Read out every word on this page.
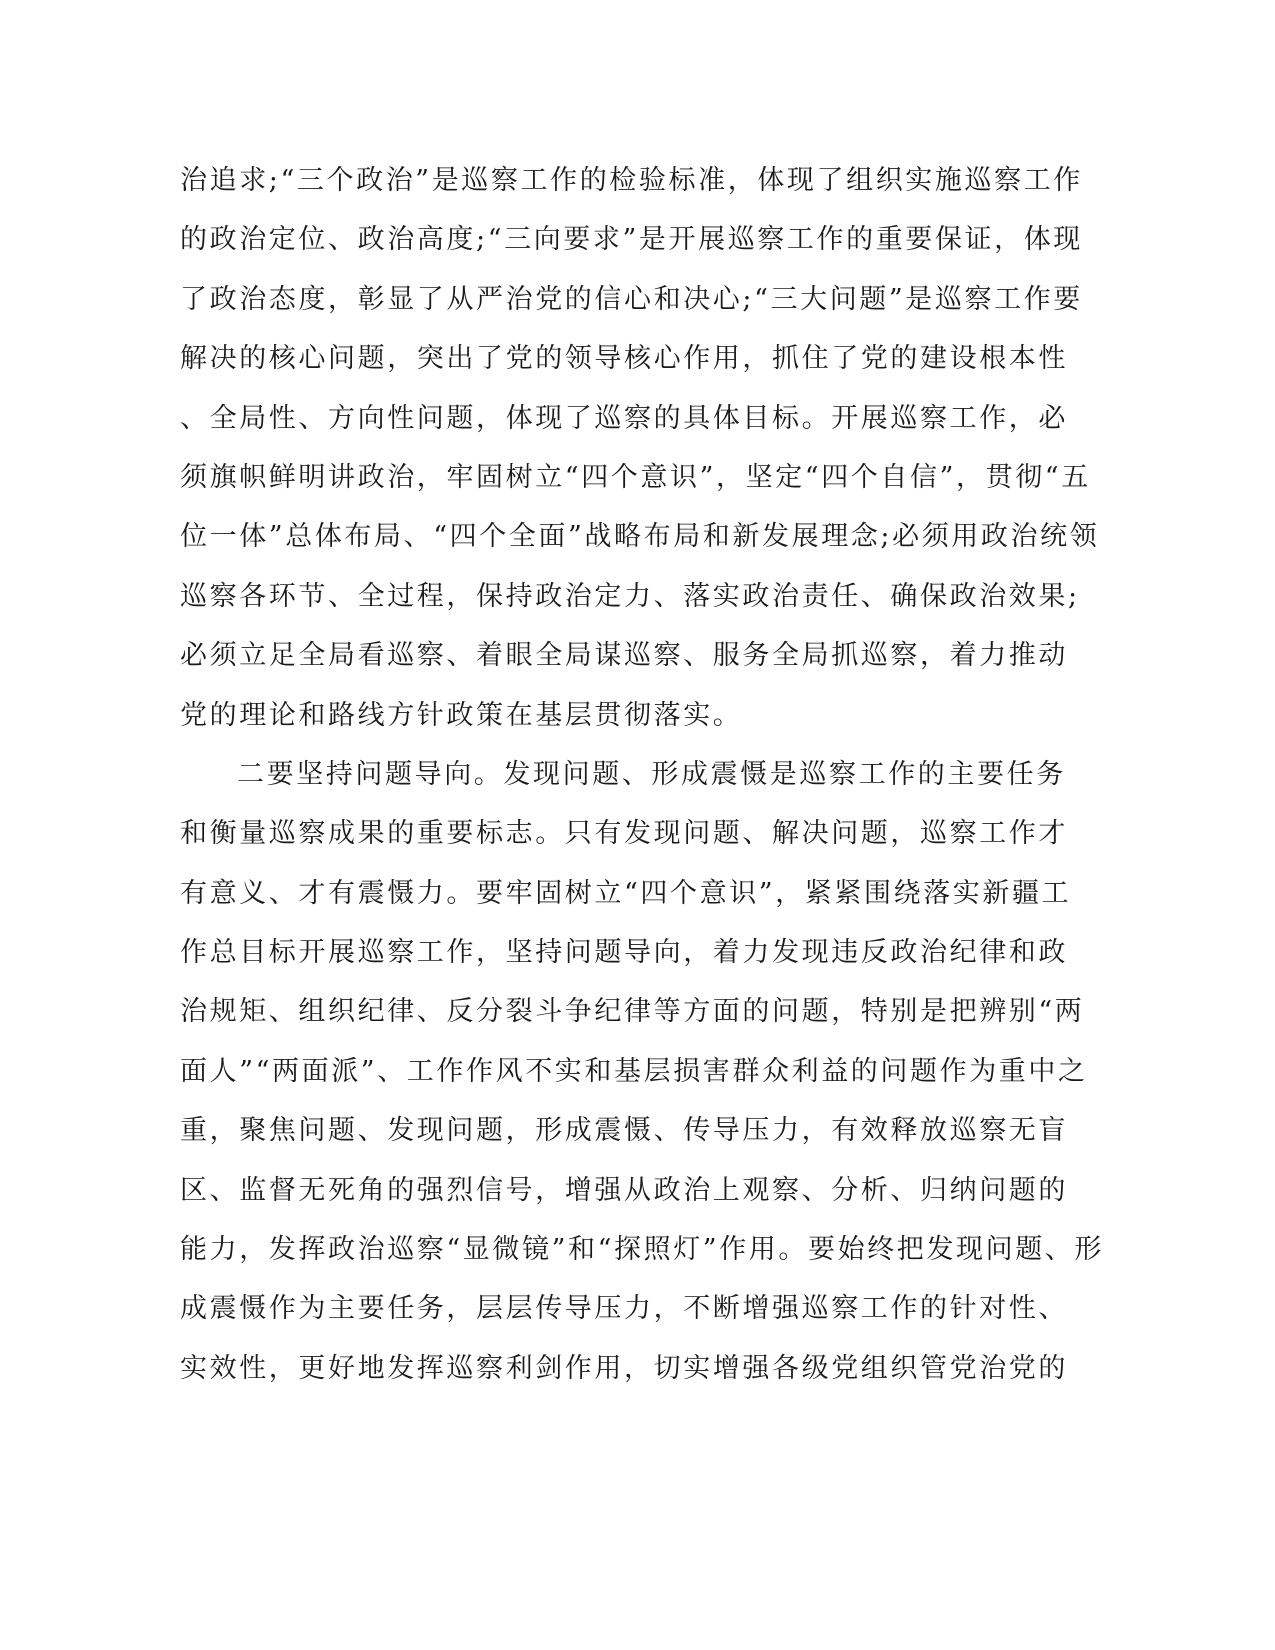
治追求;“三个政治”是巡察工作的检验标准，体现了组织实施巡察工作
的政治定位、政治高度;“三向要求”是开展巡察工作的重要保证，体现
了政治态度，彰显了从严治党的信心和决心;“三大问题”是巡察工作要
解决的核心问题，突出了党的领导核心作用，抓住了党的建设根本性
、全局性、方向性问题，体现了巡察的具体目标。开展巡察工作，必
须旗帜鲜明讲政治，牢固树立“四个意识”，坚定“四个自信”，贯彻“五
位一体”总体布局、“四个全面”战略布局和新发展理念;必须用政治统领
巡察各环节、全过程，保持政治定力、落实政治责任、确保政治效果;
必须立足全局看巡察、着眼全局谋巡察、服务全局抓巡察，着力推动
党的理论和路线方针政策在基层贯彻落实。
二要坚持问题导向。发现问题、形成震慑是巡察工作的主要任务
和衡量巡察成果的重要标志。只有发现问题、解决问题，巡察工作才
有意义、才有震慑力。要牢固树立“四个意识”，紧紧围绕落实新疆工
作总目标开展巡察工作，坚持问题导向，着力发现违反政治纪律和政
治规矩、组织纪律、反分裂斗争纪律等方面的问题，特别是把辨别“两
面人”“两面派”、工作作风不实和基层损害群众利益的问题作为重中之
重，聚焦问题、发现问题，形成震慑、传导压力，有效释放巡察无盲
区、监督无死角的强烈信号，增强从政治上观察、分析、归纳问题的
能力，发挥政治巡察“显微镜”和“探照灯”作用。要始终把发现问题、形
成震慑作为主要任务，层层传导压力，不断增强巡察工作的针对性、
实效性，更好地发挥巡察利剑作用，切实增强各级党组织管党治党的
